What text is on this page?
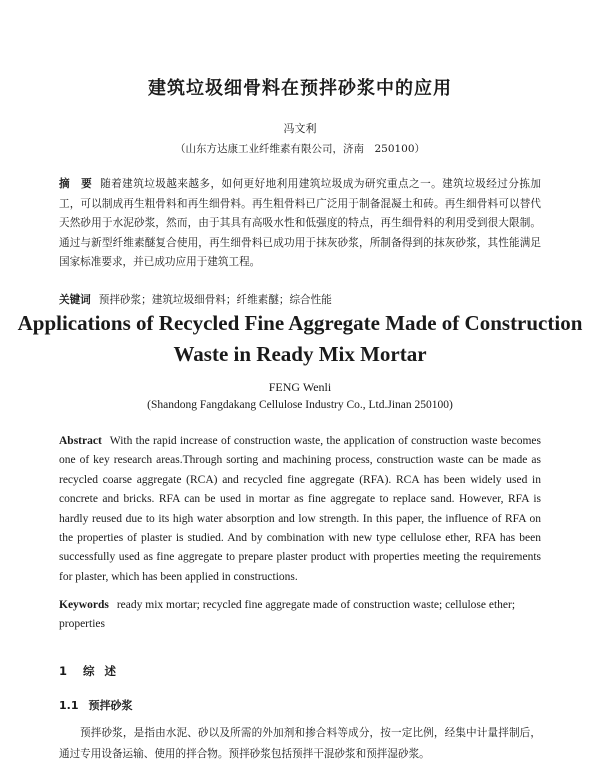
建筑垃圾细骨料在预拌砂浆中的应用
冯文利
（山东方达康工业纤维素有限公司，济南　250100）
摘　要 随着建筑垃圾越来越多，如何更好地利用建筑垃圾成为研究重点之一。建筑垃圾经过分拣加工，可以制成再生粗骨料和再生细骨料。再生粗骨料已广泛用于制备混凝土和砖。再生细骨料可以替代天然砂用于水泥砂浆，然而，由于其具有高吸水性和低强度的特点，再生细骨料的利用受到很大限制。通过与新型纤维素醚复合使用，再生细骨料已成功用于抹灰砂浆，所制备得到的抹灰砂浆，其性能满足国家标准要求，并已成功应用于建筑工程。
关键词 预拌砂浆；建筑垃圾细骨料；纤维素醚；综合性能
Applications of Recycled Fine Aggregate Made of Construction Waste in Ready Mix Mortar
FENG Wenli
(Shandong Fangdakang Cellulose Industry Co., Ltd.Jinan 250100)
Abstract With the rapid increase of construction waste, the application of construction waste becomes one of key research areas.Through sorting and machining process, construction waste can be made as recycled coarse aggregate (RCA) and recycled fine aggregate (RFA). RCA has been widely used in concrete and bricks. RFA can be used in mortar as fine aggregate to replace sand. However, RFA is hardly reused due to its high water absorption and low strength. In this paper, the influence of RFA on the properties of plaster is studied. And by combination with new type cellulose ether, RFA has been successfully used as fine aggregate to prepare plaster product with properties meeting the requirements for plaster, which has been applied in constructions.
Keywords ready mix mortar; recycled fine aggregate made of construction waste; cellulose ether; properties
1 综述
1.1 预拌砂浆
预拌砂浆，是指由水泥、砂以及所需的外加剂和掺合料等成分，按一定比例，经集中计量拌制后，通过专用设备运输、使用的拌合物。预拌砂浆包括预拌干混砂浆和预拌湿砂浆。
